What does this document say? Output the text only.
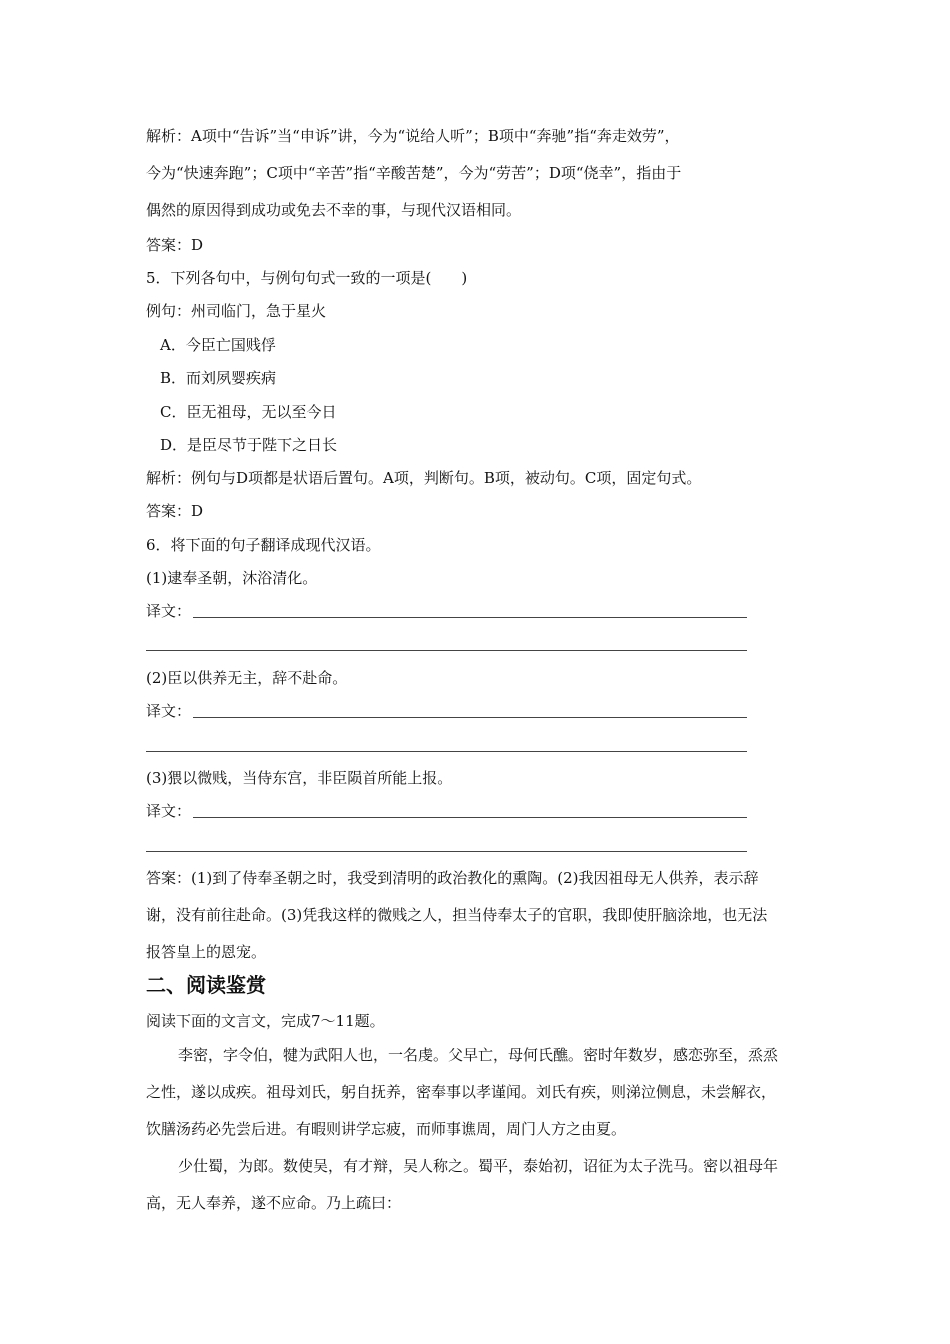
解析：A项中“告诉”当“申诉”讲，今为“说给人听”；B项中“奔驰”指“奔走效劳”，
今为“快速奔跑”；C项中“辛苦”指“辛酸苦楚”，今为“劳苦”；D项“侥幸”，指由于
偶然的原因得到成功或免去不幸的事，与现代汉语相同。
答案：D
5．下列各句中，与例句句式一致的一项是(　　)
例句：州司临门，急于星火
A．今臣亡国贱俘
B．而刘夙婴疾病
C．臣无祖母，无以至今日
D．是臣尽节于陛下之日长
解析：例句与D项都是状语后置句。A项，判断句。B项，被动句。C项，固定句式。
答案：D
6．将下面的句子翻译成现代汉语。
(1)逮奉圣朝，沐浴清化。
译文：
(2)臣以供养无主，辞不赴命。
译文：
(3)猥以微贱，当侍东宫，非臣陨首所能上报。
译文：
答案：(1)到了侍奉圣朝之时，我受到清明的政治教化的熏陶。(2)我因祖母无人供养，表示辞
谢，没有前往赴命。(3)凭我这样的微贱之人，担当侍奉太子的官职，我即使肝脑涂地，也无法
报答皇上的恩宠。
二、阅读鉴赏
阅读下面的文言文，完成7～11题。
李密，字令伯，犍为武阳人也，一名虔。父早亡，母何氏醮。密时年数岁，感恋弥至，烝烝
之性，遂以成疾。祖母刘氏，躬自抚养，密奉事以孝谨闻。刘氏有疾，则涕泣侧息，未尝解衣，
饮膳汤药必先尝后进。有暇则讲学忘疲，而师事谯周，周门人方之由夏。
少仕蜀，为郎。数使吴，有才辩，吴人称之。蜀平，泰始初，诏征为太子洗马。密以祖母年
高，无人奉养，遂不应命。乃上疏曰：
